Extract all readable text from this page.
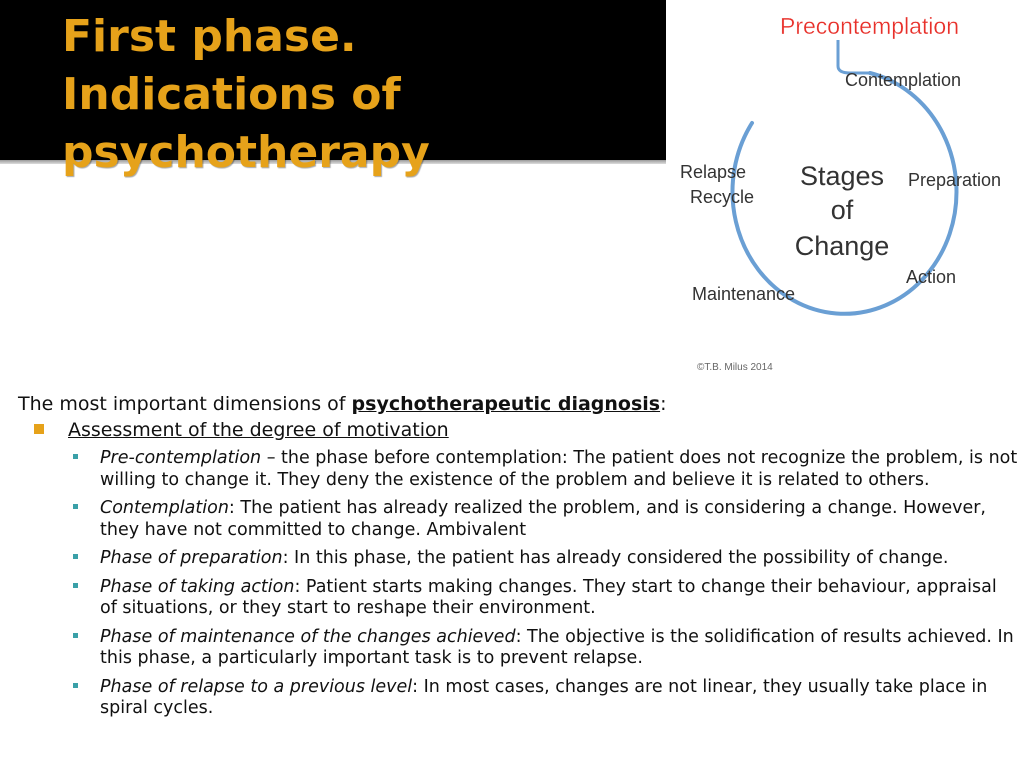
First phase.
Indications of
psychotherapy
Precontemplation
Contemplation
Preparation
Action
Maintenance
Relapse
Recycle
Stages
of
Change
©T.B. Milus 2014

The most important dimensions of psychotherapeutic diagnosis:

Assessment of the degree of motivation
Pre-contemplation – the phase before contemplation: The patient does not recognize the problem, is not willing to change it. They deny the existence of the problem and believe it is related to others.
Contemplation: The patient has already realized the problem, and is considering a change. However, they have not committed to change. Ambivalent
Phase of preparation: In this phase, the patient has already considered the possibility of change.
Phase of taking action: Patient starts making changes. They start to change their behaviour, appraisal of situations, or they start to reshape their environment.
Phase of maintenance of the changes achieved: The objective is the solidification of results achieved. In this phase, a particularly important task is to prevent relapse.
Phase of relapse to a previous level: In most cases, changes are not linear, they usually take place in spiral cycles.
